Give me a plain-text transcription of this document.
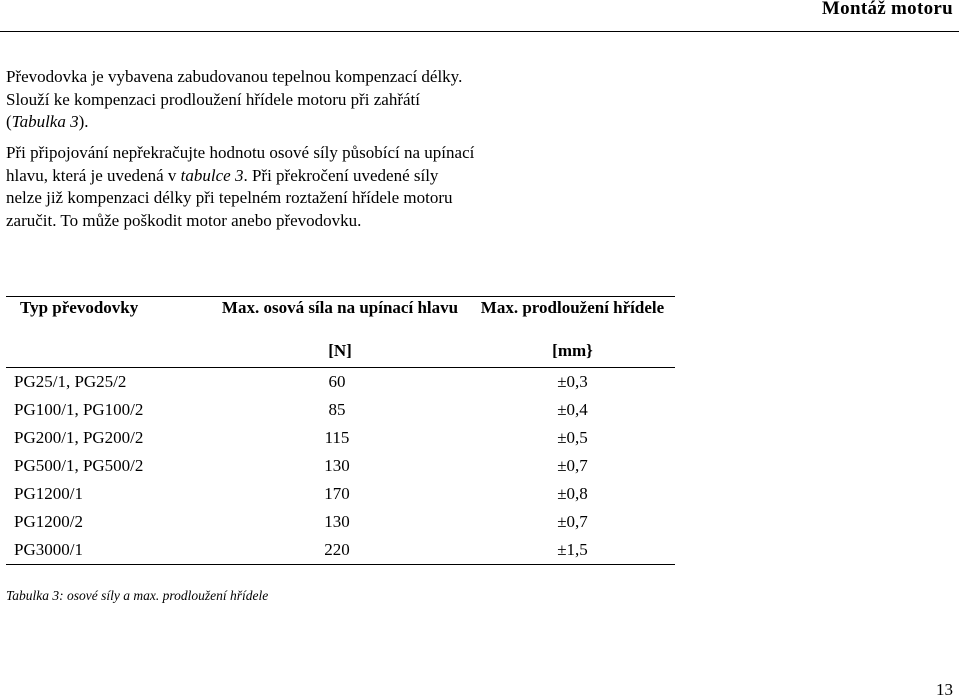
Montáž motoru
Převodovka je vybavena zabudovanou tepelnou kompenzací délky. Slouží ke kompenzaci prodloužení hřídele motoru při zahřátí (Tabulka 3).
Při připojování nepřekračujte hodnotu osové síly působící na upínací hlavu, která je uvedená v tabulce 3. Při překročení uvedené síly nelze již kompenzaci délky při tepelném roztažení hřídele motoru zaručit. To může poškodit motor anebo převodovku.
Typ převodovky	Max. osová síla na upínací hlavu	Max. prodloužení hřídele
	[N]	[mm}
PG25/1, PG25/2	60	±0,3
PG100/1, PG100/2	85	±0,4
PG200/1, PG200/2	115	±0,5
PG500/1, PG500/2	130	±0,7
PG1200/1	170	±0,8
PG1200/2	130	±0,7
PG3000/1	220	±1,5
Tabulka 3: osové síly a max. prodloužení hřídele
13
